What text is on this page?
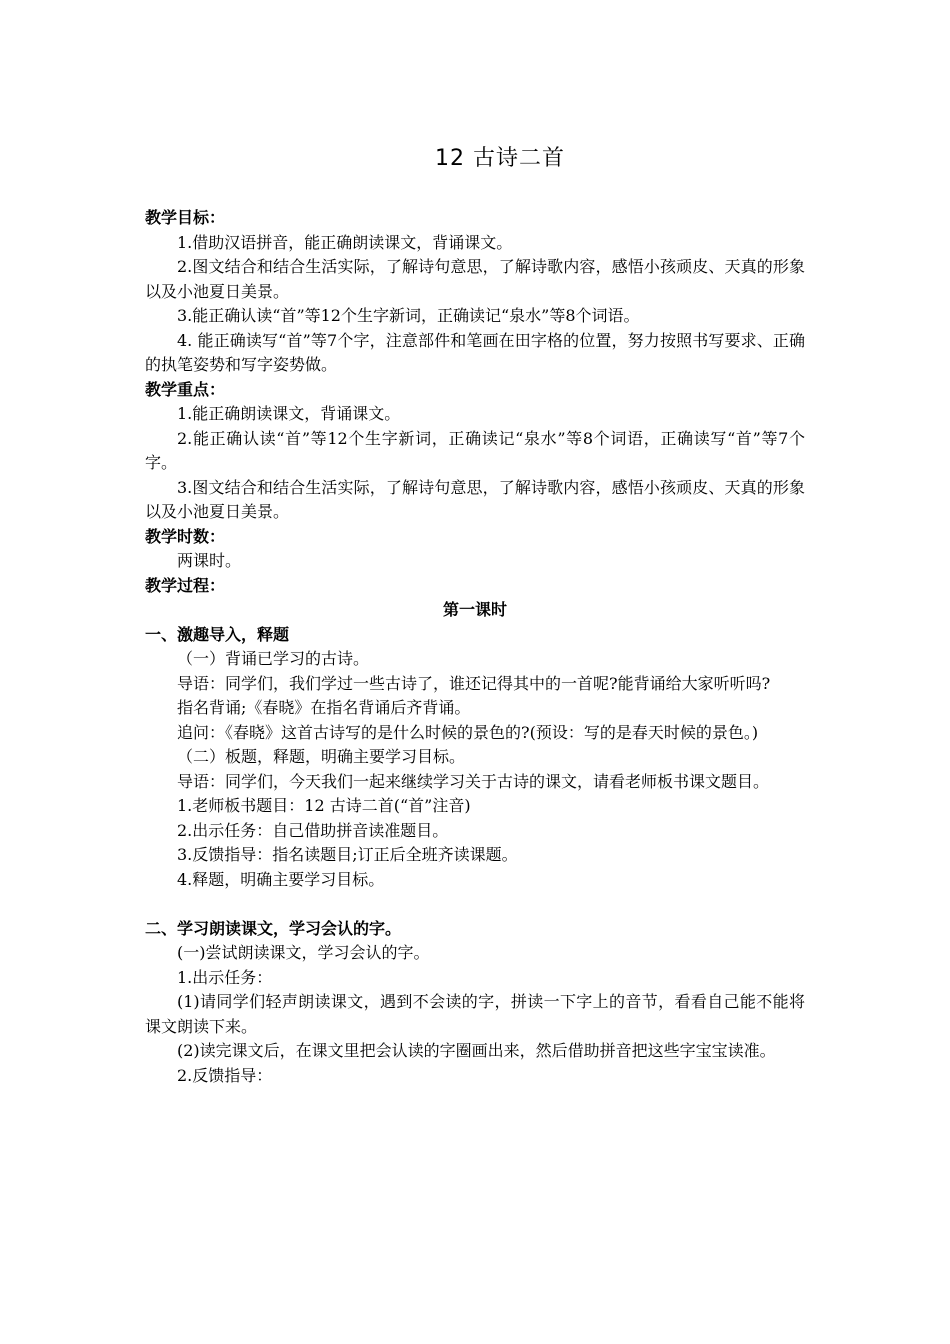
12 古诗二首

教学目标：

1.借助汉语拼音，能正确朗读课文，背诵课文。

2.图文结合和结合生活实际，了解诗句意思，了解诗歌内容，感悟小孩顽皮、天真的形象以及小池夏日美景。

3.能正确认读“首”等12个生字新词，正确读记“泉水”等8个词语。

4. 能正确读写“首”等7个字，注意部件和笔画在田字格的位置，努力按照书写要求、正确的执笔姿势和写字姿势做。

教学重点：

1.能正确朗读课文，背诵课文。

2.能正确认读“首”等12个生字新词，正确读记“泉水”等8个词语，正确读写“首”等7个字。

3.图文结合和结合生活实际，了解诗句意思，了解诗歌内容，感悟小孩顽皮、天真的形象以及小池夏日美景。

教学时数：

两课时。

教学过程：

第一课时

一、激趣导入，释题

（一）背诵已学习的古诗。

导语：同学们，我们学过一些古诗了，谁还记得其中的一首呢?能背诵给大家听听吗?

指名背诵;《春晓》在指名背诵后齐背诵。

追问：《春晓》这首古诗写的是什么时候的景色的?(预设：写的是春天时候的景色。)

（二）板题，释题，明确主要学习目标。

导语：同学们，今天我们一起来继续学习关于古诗的课文，请看老师板书课文题目。

1.老师板书题目：12 古诗二首(“首”注音)

2.出示任务：自己借助拼音读准题目。

3.反馈指导：指名读题目;订正后全班齐读课题。

4.释题，明确主要学习目标。

二、学习朗读课文，学习会认的字。

(一)尝试朗读课文，学习会认的字。

1.出示任务：

(1)请同学们轻声朗读课文，遇到不会读的字，拼读一下字上的音节，看看自己能不能将课文朗读下来。

(2)读完课文后，在课文里把会认读的字圈画出来，然后借助拼音把这些字宝宝读准。

2.反馈指导：
